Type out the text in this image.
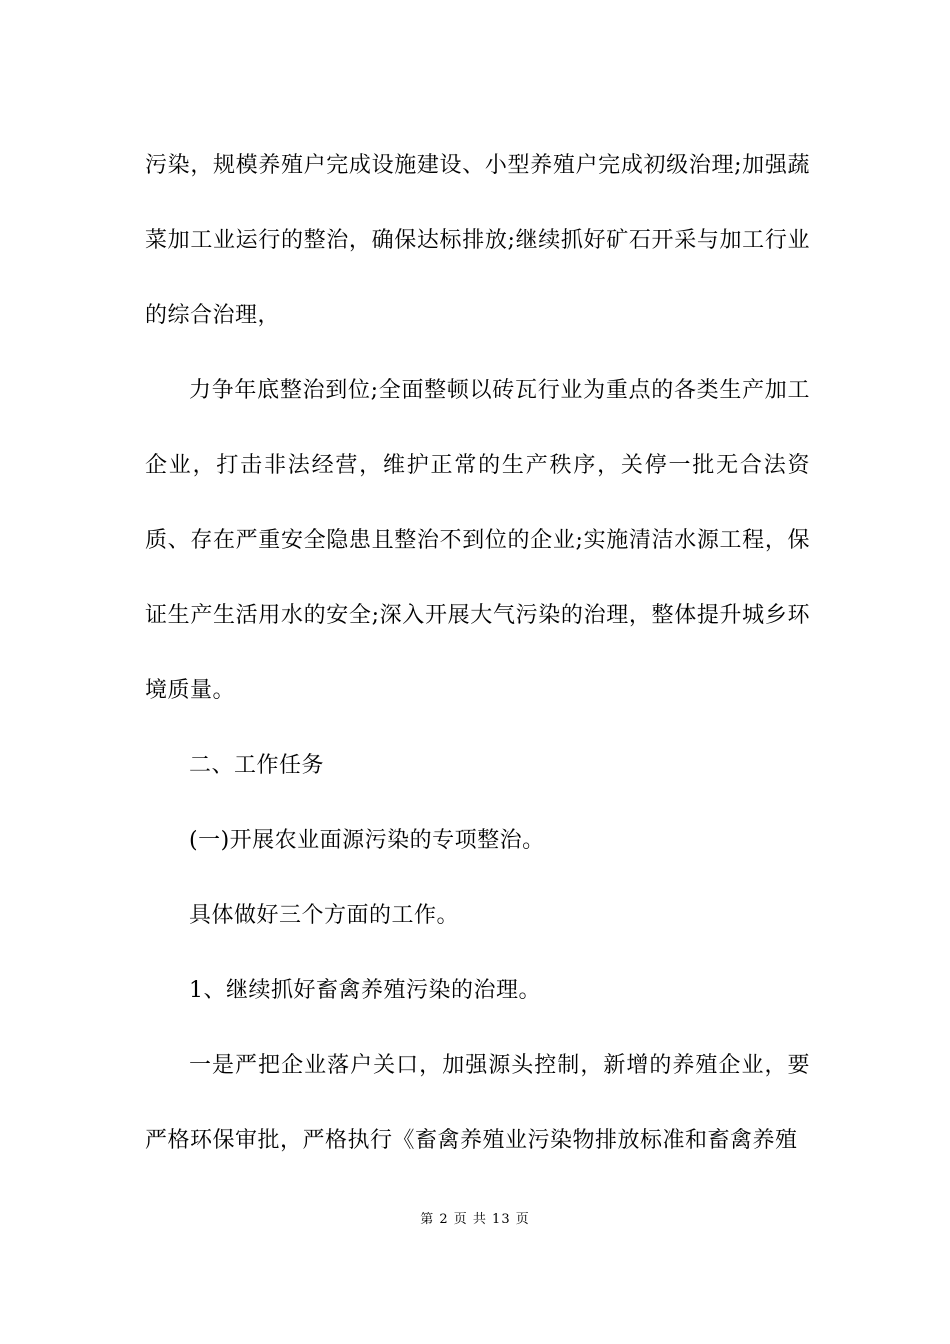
污染，规模养殖户完成设施建设、小型养殖户完成初级治理;加强蔬菜加工业运行的整治，确保达标排放;继续抓好矿石开采与加工行业的综合治理，

力争年底整治到位;全面整顿以砖瓦行业为重点的各类生产加工企业，打击非法经营，维护正常的生产秩序，关停一批无合法资质、存在严重安全隐患且整治不到位的企业;实施清洁水源工程，保证生产生活用水的安全;深入开展大气污染的治理，整体提升城乡环境质量。

二、工作任务

(一)开展农业面源污染的专项整治。

具体做好三个方面的工作。

1、继续抓好畜禽养殖污染的治理。

一是严把企业落户关口，加强源头控制，新增的养殖企业，要严格环保审批，严格执行《畜禽养殖业污染物排放标准和畜禽养殖

第 2 页 共 13 页
